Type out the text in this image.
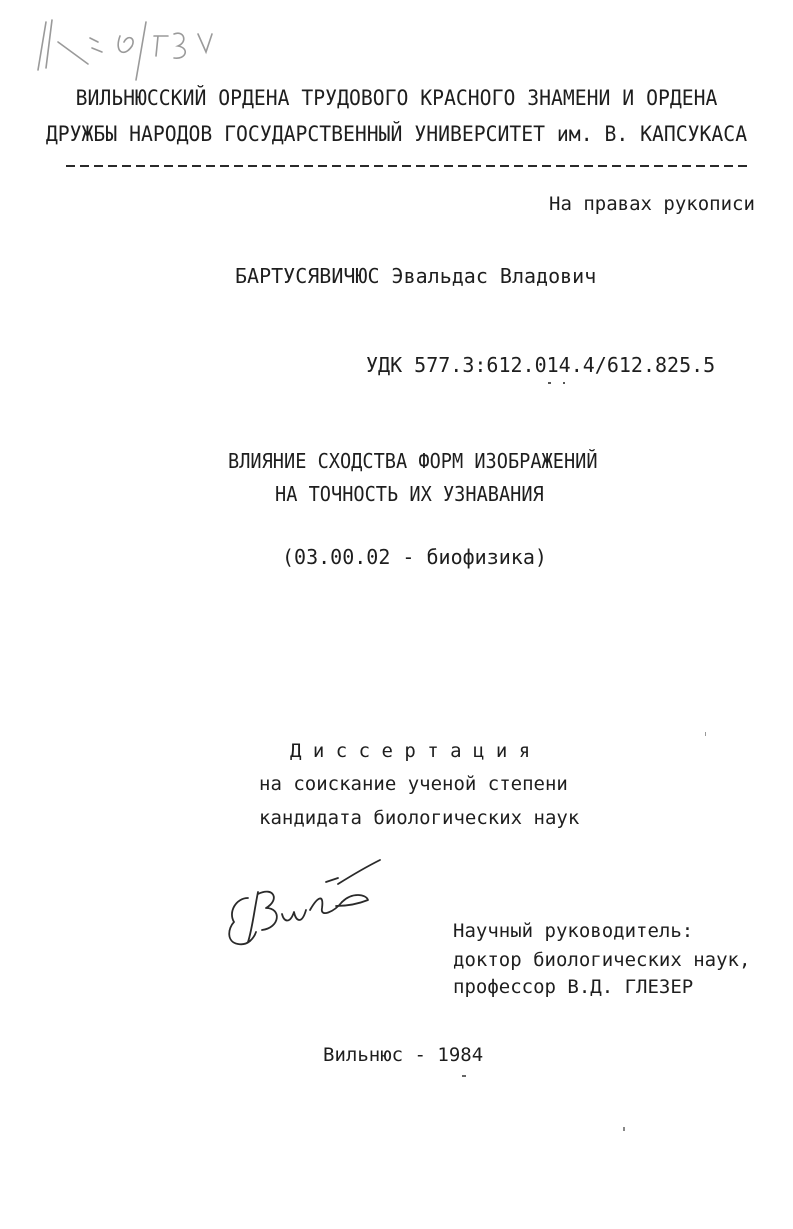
ВИЛЬНЮССКИЙ ОРДЕНА ТРУДОВОГО КРАСНОГО ЗНАМЕНИ И ОРДЕНА
ДРУЖБЫ НАРОДОВ ГОСУДАРСТВЕННЫЙ УНИВЕРСИТЕТ им. В. КАПСУКАСА
На правах рукописи
БАРТУСЯВИЧЮС Эвальдас Владович
УДК 577.3:612.014.4/612.825.5
ВЛИЯНИЕ СХОДСТВА ФОРМ ИЗОБРАЖЕНИЙ
НА ТОЧНОСТЬ ИХ УЗНАВАНИЯ
(03.00.02 - биофизика)
Д и с с е р т а ц и я
на соискание ученой степени
кандидата биологических наук
Научный руководитель:
доктор биологических наук,
профессор В.Д. ГЛЕЗЕР
Вильнюс - 1984
